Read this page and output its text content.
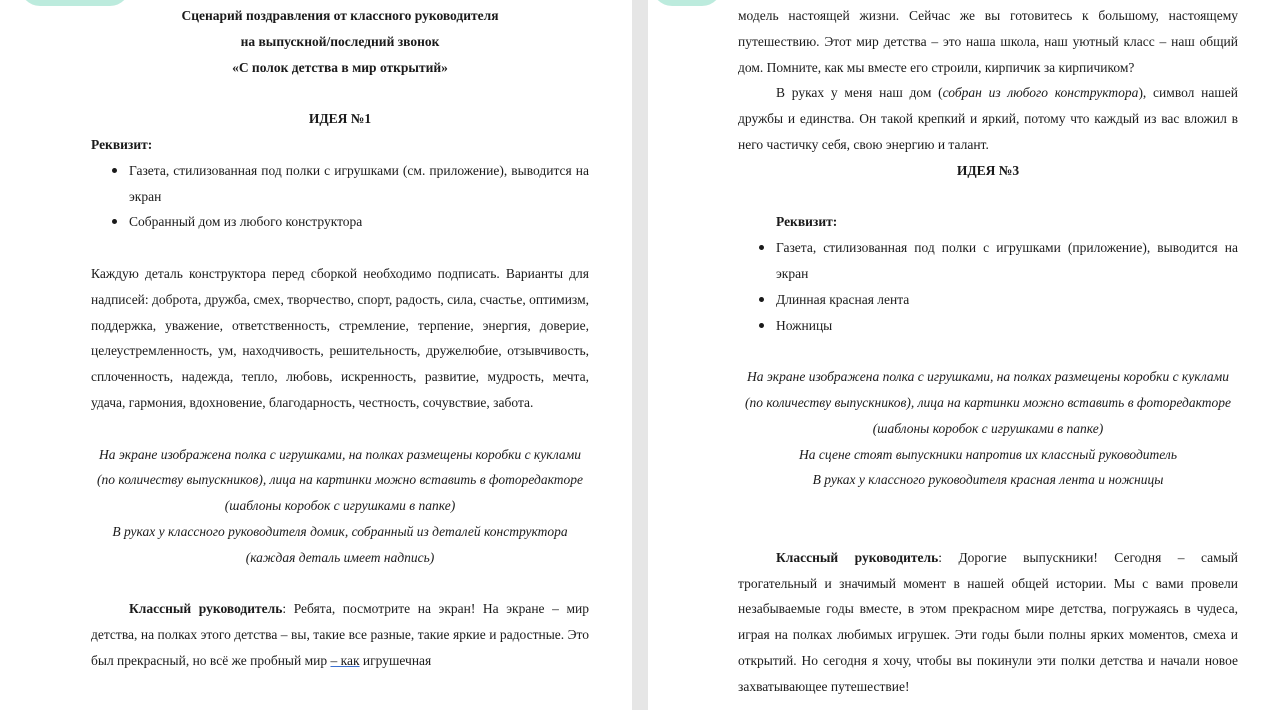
Сценарий поздравления от классного руководителя

на выпускной/последний звонок

«С полок детства в мир открытий»

ИДЕЯ №1

Реквизит:

Газета, стилизованная под полки с игрушками (см. приложение), выводится на экран
Собранный дом из любого конструктора

Каждую деталь конструктора перед сборкой необходимо подписать. Варианты для надписей: доброта, дружба, смех, творчество, спорт, радость, сила, счастье, оптимизм, поддержка, уважение, ответственность, стремление, терпение, энергия, доверие, целеустремленность, ум, находчивость, решительность, дружелюбие, отзывчивость, сплоченность, надежда, тепло, любовь, искренность, развитие, мудрость, мечта, удача, гармония, вдохновение, благодарность, честность, сочувствие, забота.

На экране изображена полка с игрушками, на полках размещены коробки с куклами (по количеству выпускников), лица на картинки можно вставить в фоторедакторе (шаблоны коробок с игрушками в папке)

В руках у классного руководителя домик, собранный из деталей конструктора (каждая деталь имеет надпись)

Классный руководитель: Ребята, посмотрите на экран! На экране – мир детства, на полках этого детства – вы, такие все разные, такие яркие и радостные. Это был прекрасный, но всё же пробный мир – как игрушечная

модель настоящей жизни. Сейчас же вы готовитесь к большому, настоящему путешествию. Этот мир детства – это наша школа, наш уютный класс – наш общий дом. Помните, как мы вместе его строили, кирпичик за кирпичиком?

В руках у меня наш дом (собран из любого конструктора), символ нашей дружбы и единства. Он такой крепкий и яркий, потому что каждый из вас вложил в него частичку себя, свою энергию и талант.

ИДЕЯ №3

Реквизит:

Газета, стилизованная под полки с игрушками (приложение), выводится на экран
Длинная красная лента
Ножницы

На экране изображена полка с игрушками, на полках размещены коробки с куклами (по количеству выпускников), лица на картинки можно вставить в фоторедакторе (шаблоны коробок с игрушками в папке)

На сцене стоят выпускники напротив их классный руководитель

В руках у классного руководителя красная лента и ножницы

Классный руководитель: Дорогие выпускники! Сегодня – самый трогательный и значимый момент в нашей общей истории. Мы с вами провели незабываемые годы вместе, в этом прекрасном мире детства, погружаясь в чудеса, играя на полках любимых игрушек. Эти годы были полны ярких моментов, смеха и открытий. Но сегодня я хочу, чтобы вы покинули эти полки детства и начали новое захватывающее путешествие!
